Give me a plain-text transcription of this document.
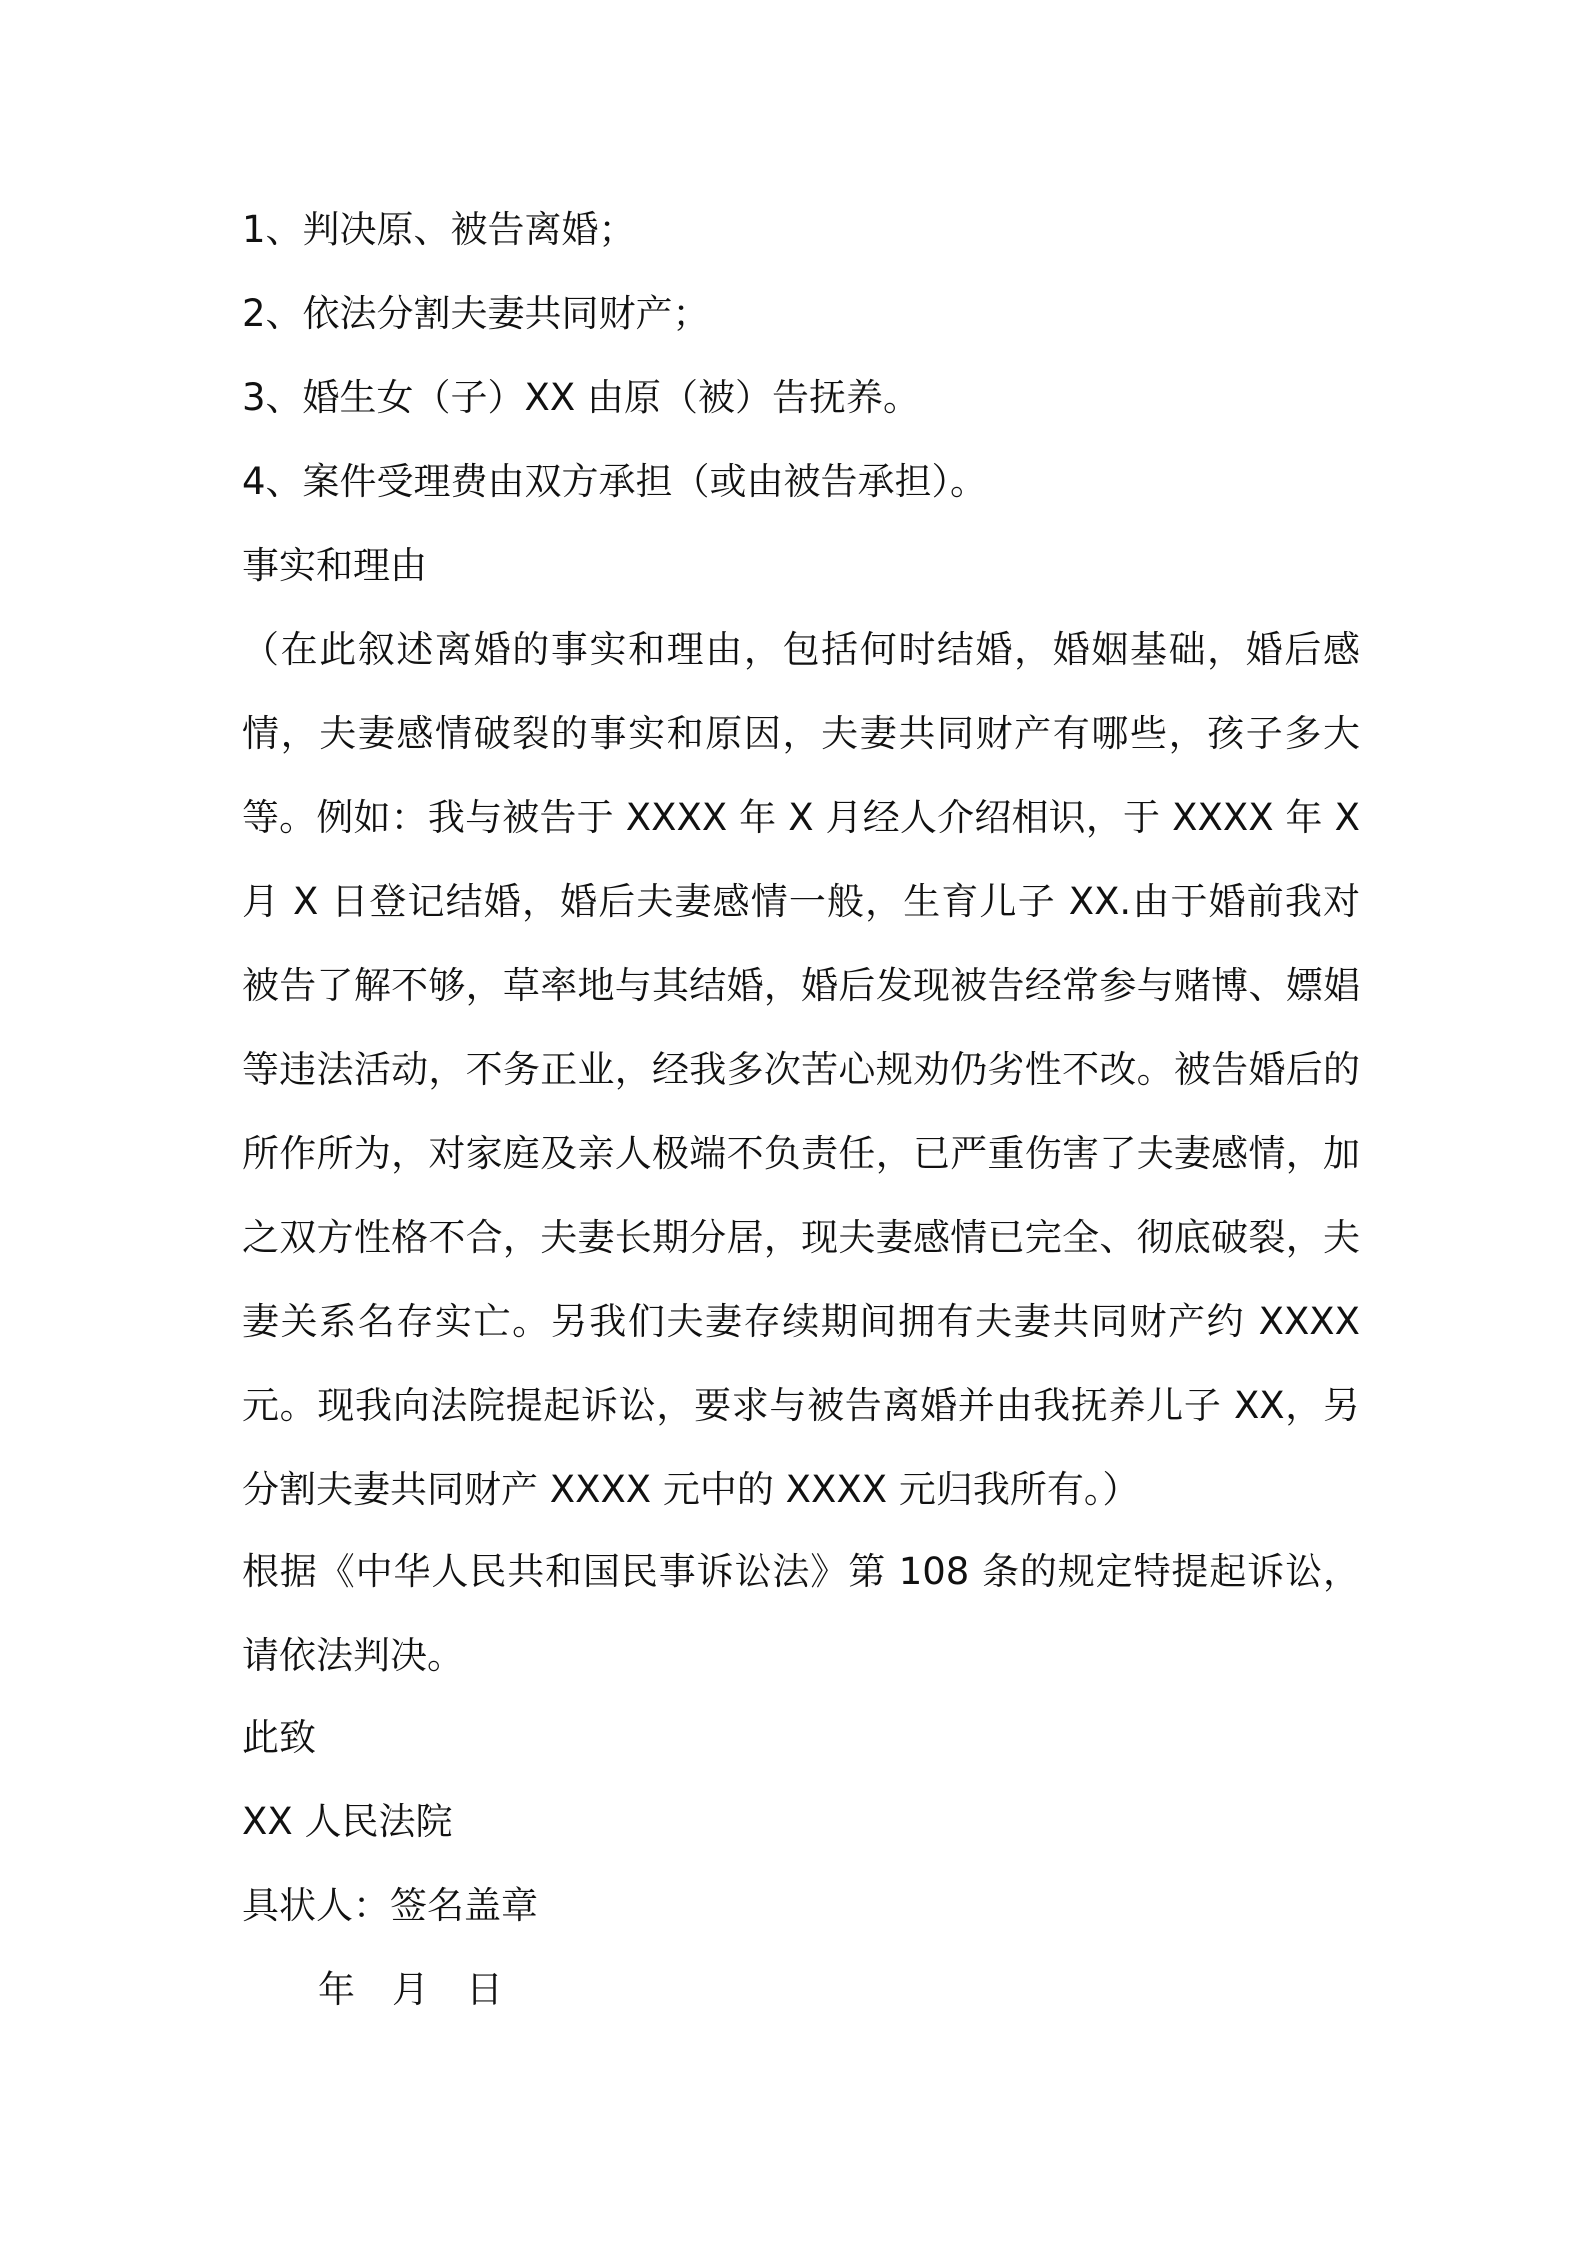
1、判决原、被告离婚；
2、依法分割夫妻共同财产；
3、婚生女（子）XX 由原（被）告抚养。
4、案件受理费由双方承担（或由被告承担）。
事实和理由
（在此叙述离婚的事实和理由，包括何时结婚，婚姻基础，婚后感情，夫妻感情破裂的事实和原因，夫妻共同财产有哪些，孩子多大等。例如：我与被告于 XXXX 年 X 月经人介绍相识，于 XXXX 年 X 月 X 日登记结婚，婚后夫妻感情一般，生育儿子 XX.由于婚前我对被告了解不够，草率地与其结婚，婚后发现被告经常参与赌博、嫖娼等违法活动，不务正业，经我多次苦心规劝仍劣性不改。被告婚后的所作所为，对家庭及亲人极端不负责任，已严重伤害了夫妻感情，加之双方性格不合，夫妻长期分居，现夫妻感情已完全、彻底破裂，夫妻关系名存实亡。另我们夫妻存续期间拥有夫妻共同财产约 XXXX 元。现我向法院提起诉讼，要求与被告离婚并由我抚养儿子 XX，另分割夫妻共同财产 XXXX 元中的 XXXX 元归我所有。）
根据《中华人民共和国民事诉讼法》第 108 条的规定特提起诉讼，请依法判决。
此致
XX 人民法院
具状人：签名盖章
年　月　日
